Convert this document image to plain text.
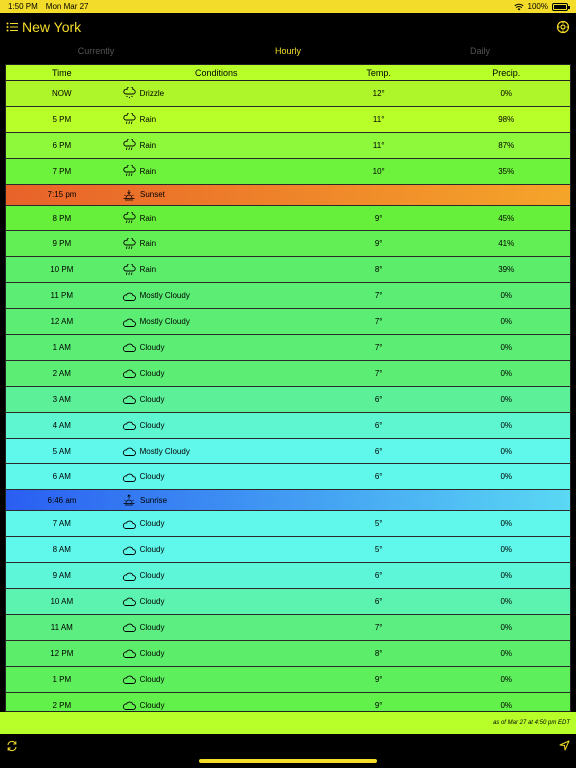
1:50 PM Mon Mar 27	100%
New York
Currently	Hourly	Daily
Time	Conditions	Temp.	Precip.
NOW	Drizzle	12°	0%
5 PM	Rain	11°	98%
6 PM	Rain	11°	87%
7 PM	Rain	10°	35%
7:15 pm	Sunset
8 PM	Rain	9°	45%
9 PM	Rain	9°	41%
10 PM	Rain	8°	39%
11 PM	Mostly Cloudy	7°	0%
12 AM	Mostly Cloudy	7°	0%
1 AM	Cloudy	7°	0%
2 AM	Cloudy	7°	0%
3 AM	Cloudy	6°	0%
4 AM	Cloudy	6°	0%
5 AM	Mostly Cloudy	6°	0%
6 AM	Cloudy	6°	0%
6:46 am	Sunrise
7 AM	Cloudy	5°	0%
8 AM	Cloudy	5°	0%
9 AM	Cloudy	6°	0%
10 AM	Cloudy	6°	0%
11 AM	Cloudy	7°	0%
12 PM	Cloudy	8°	0%
1 PM	Cloudy	9°	0%
2 PM	Cloudy	9°	0%
as of Mar 27 at 4:50 pm EDT
